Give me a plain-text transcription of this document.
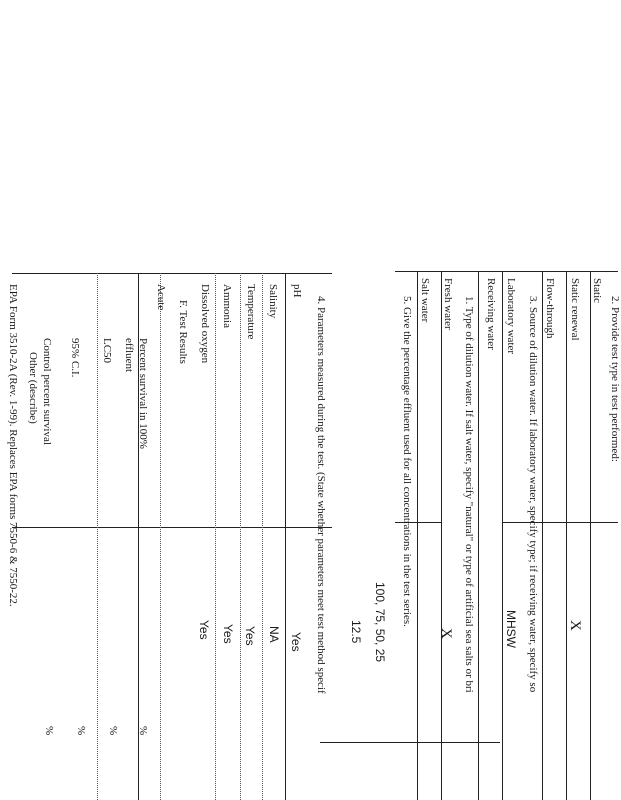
2. Provide test type in test performed:
Static
Static renewal
X
Flow-through
3. Source of dilution water. If laboratory water, specify type; if receiving water, specify so
Laboratory water
MHSW
Receiving water
1. Type of dilution water. If salt water, specify "natural" or type of artificial sea salts or bri
Fresh water
X
Salt water
5. Give the percentage effluent used for all concentrations in the test series.
100, 75, 50, 25
12.5
4. Parameters measured during the test. (State whether parameters meet test method specif
pH
Yes
Salinity
NA
Temperature
Yes
Ammonia
Yes
Dissolved oxygen
Yes
F. Test Results
Acute
Percent survival in 100%
effluent
%
LC50
%
95% C.I.
%
Control percent survival
%
Other (describe)
EPA Form 3510-2A (Rev. 1-99). Replaces EPA forms 7550-6 & 7550-22.
